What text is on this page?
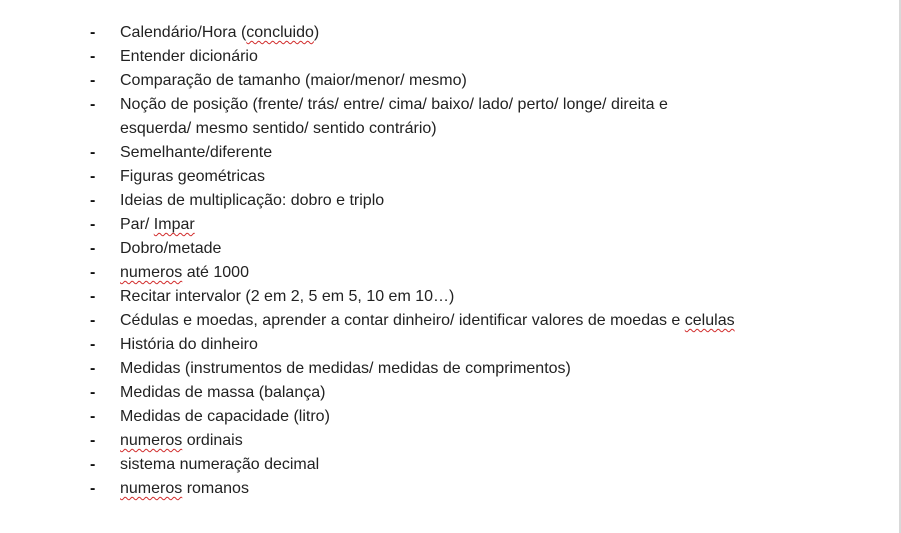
-	Calendário/Hora (concluido)
-	Entender dicionário
-	Comparação de tamanho (maior/menor/ mesmo)
-	Noção de posição (frente/ trás/ entre/ cima/ baixo/ lado/ perto/ longe/ direita e esquerda/ mesmo sentido/ sentido contrário)
-	Semelhante/diferente
-	Figuras geométricas
-	Ideias de multiplicação: dobro e triplo
-	Par/ Impar
-	Dobro/metade
-	numeros até 1000
-	Recitar intervalor (2 em 2, 5 em 5, 10 em 10…)
-	Cédulas e moedas, aprender a contar dinheiro/ identificar valores de moedas e celulas
-	História do dinheiro
-	Medidas (instrumentos de medidas/ medidas de comprimentos)
-	Medidas de massa (balança)
-	Medidas de capacidade (litro)
-	numeros ordinais
-	sistema numeração decimal
-	numeros romanos
